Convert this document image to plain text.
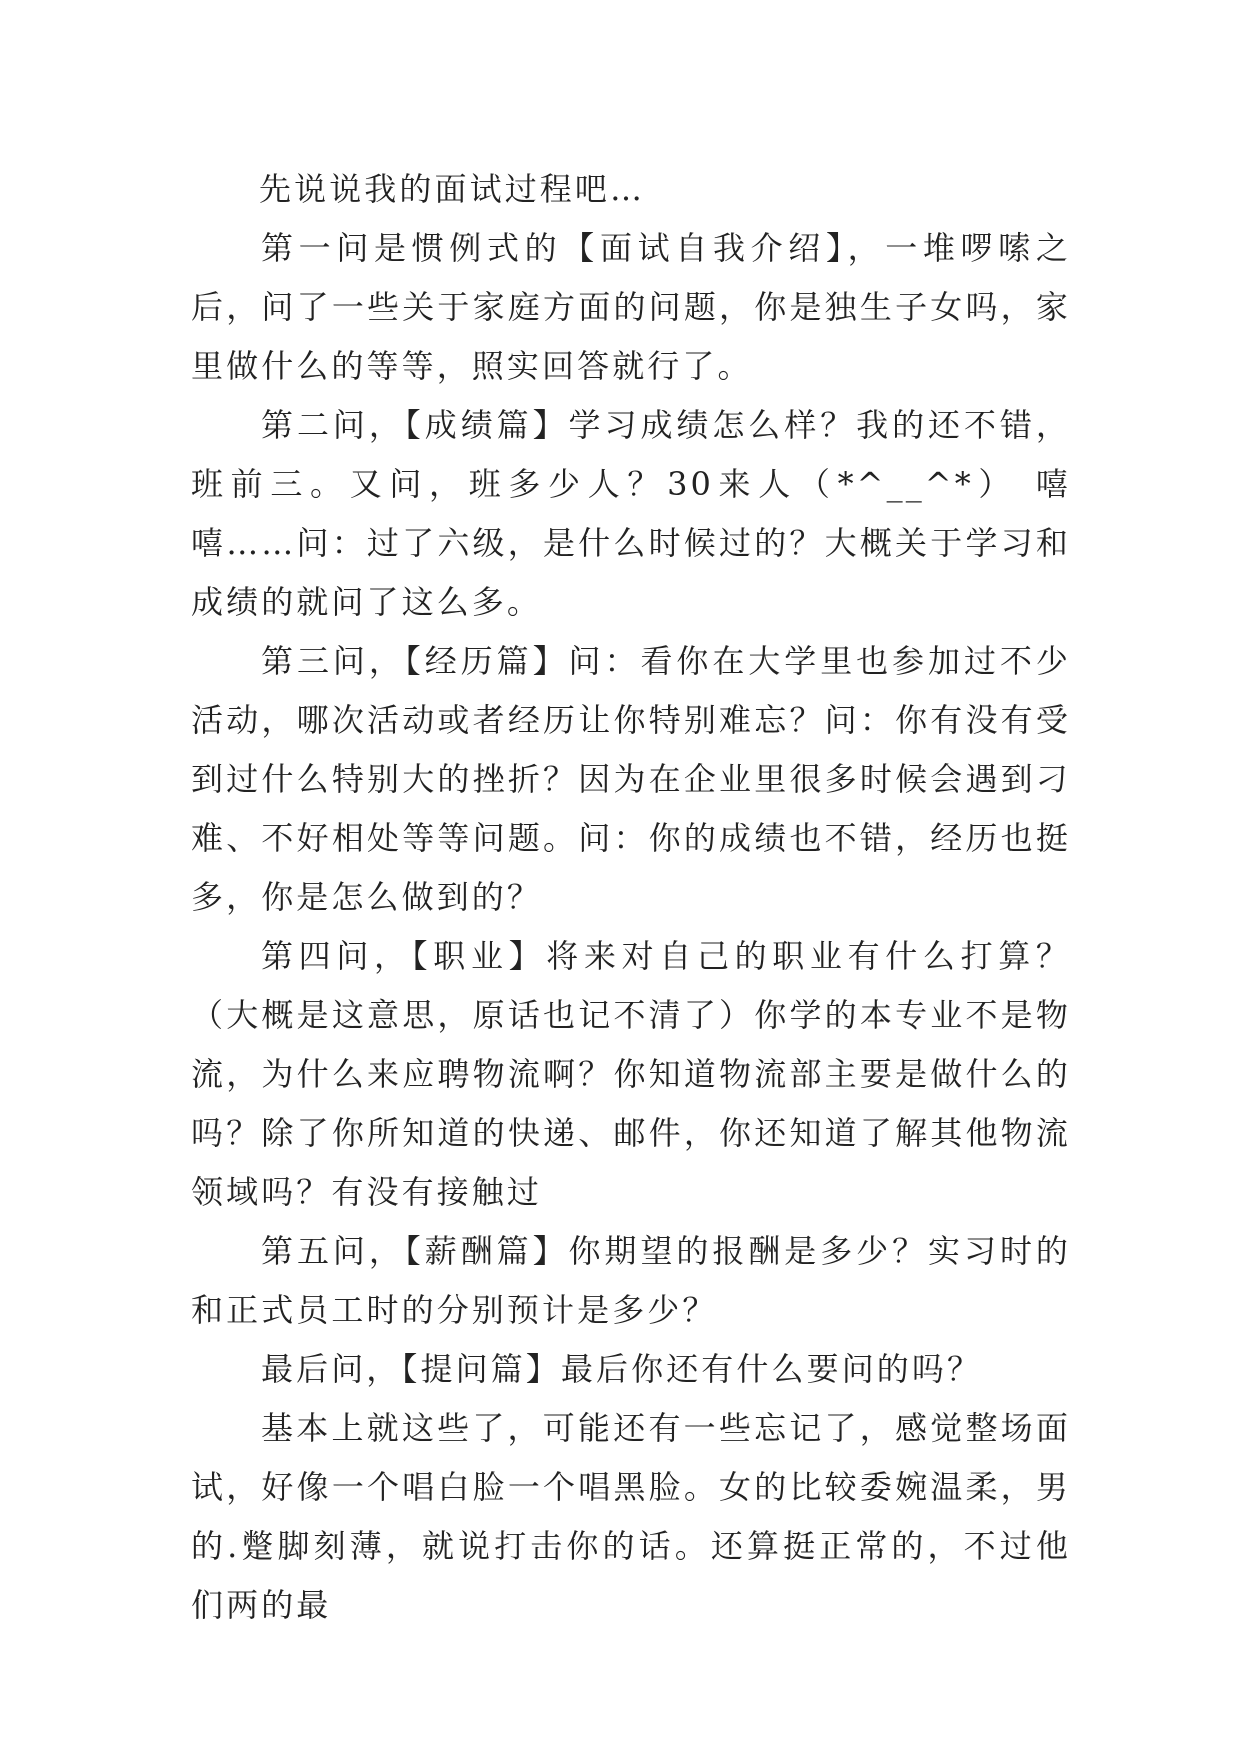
先说说我的面试过程吧…

第一问是惯例式的【面试自我介绍】，一堆啰嗦之后，问了一些关于家庭方面的问题，你是独生子女吗，家里做什么的等等，照实回答就行了。

第二问，【成绩篇】学习成绩怎么样？我的还不错，班前三。又问，班多少人？30来人（*^__^*） 嘻嘻……问：过了六级，是什么时候过的？大概关于学习和成绩的就问了这么多。

第三问，【经历篇】问：看你在大学里也参加过不少活动，哪次活动或者经历让你特别难忘？问：你有没有受到过什么特别大的挫折？因为在企业里很多时候会遇到刁难、不好相处等等问题。问：你的成绩也不错，经历也挺多，你是怎么做到的？

第四问，【职业】将来对自己的职业有什么打算？（大概是这意思，原话也记不清了）你学的本专业不是物流，为什么来应聘物流啊？你知道物流部主要是做什么的吗？除了你所知道的快递、邮件，你还知道了解其他物流领域吗？有没有接触过

第五问，【薪酬篇】你期望的报酬是多少？实习时的和正式员工时的分别预计是多少？

最后问，【提问篇】最后你还有什么要问的吗？

基本上就这些了，可能还有一些忘记了，感觉整场面试，好像一个唱白脸一个唱黑脸。女的比较委婉温柔，男的.蹩脚刻薄，就说打击你的话。还算挺正常的，不过他们两的最
